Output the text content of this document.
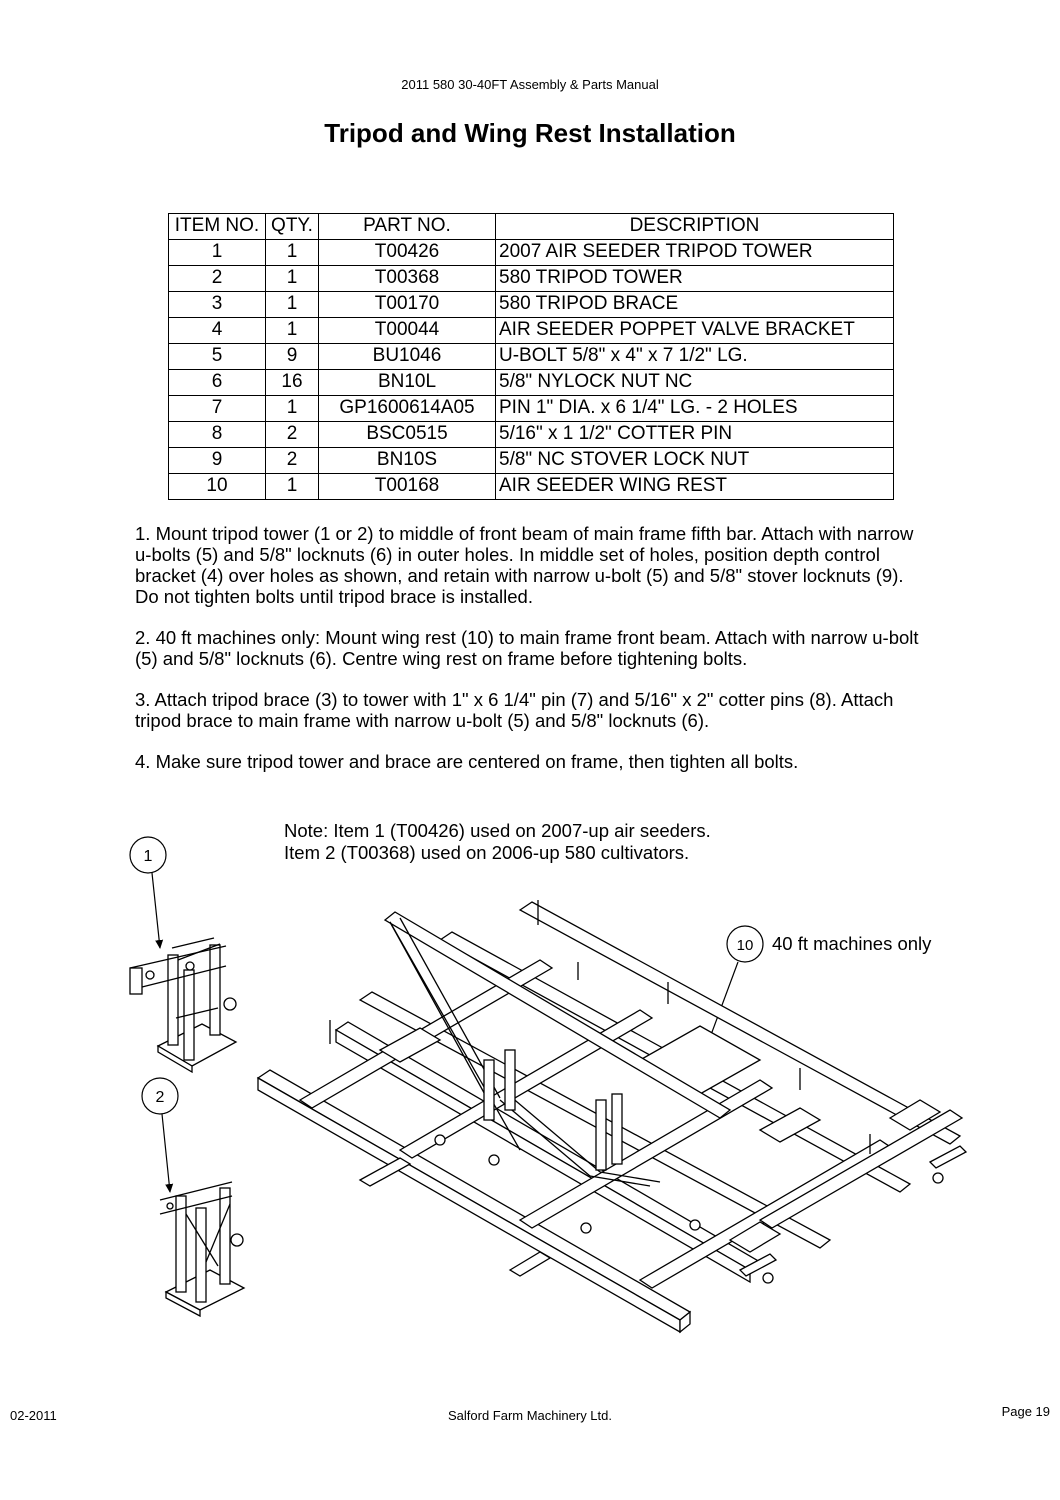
2011 580 30-40FT Assembly & Parts Manual
Tripod and Wing Rest Installation
ITEM NO.	QTY.	PART NO.	DESCRIPTION
1	1	T00426	2007 AIR SEEDER TRIPOD TOWER
2	1	T00368	580 TRIPOD TOWER
3	1	T00170	580 TRIPOD BRACE
4	1	T00044	AIR SEEDER POPPET VALVE BRACKET
5	9	BU1046	U-BOLT 5/8" x 4" x 7 1/2" LG.
6	16	BN10L	5/8" NYLOCK NUT NC
7	1	GP1600614A05	PIN 1" DIA. x 6 1/4" LG. - 2 HOLES
8	2	BSC0515	5/16" x 1 1/2" COTTER PIN
9	2	BN10S	5/8" NC STOVER LOCK NUT
10	1	T00168	AIR SEEDER WING REST

1. Mount tripod tower (1 or 2) to middle of front beam of main frame fifth bar. Attach with narrow u-bolts (5) and 5/8" locknuts (6) in outer holes. In middle set of holes, position depth control bracket (4) over holes as shown, and retain with narrow u-bolt (5) and 5/8" stover locknuts (9). Do not tighten bolts until tripod brace is installed.

2. 40 ft machines only: Mount wing rest (10) to main frame front beam. Attach with narrow u-bolt (5) and 5/8" locknuts (6). Centre wing rest on frame before tightening bolts.

3. Attach tripod brace (3) to tower with 1" x 6 1/4" pin (7) and 5/16" x 2" cotter pins (8). Attach tripod brace to main frame with narrow u-bolt (5) and 5/8" locknuts (6).

4. Make sure tripod tower and brace are centered on frame, then tighten all bolts.

Note: Item 1 (T00426) used on 2007-up air seeders.
Item 2 (T00368) used on 2006-up 580 cultivators.
1
2
10 40 ft machines only
02-2011	Salford Farm Machinery Ltd.	Page 19
